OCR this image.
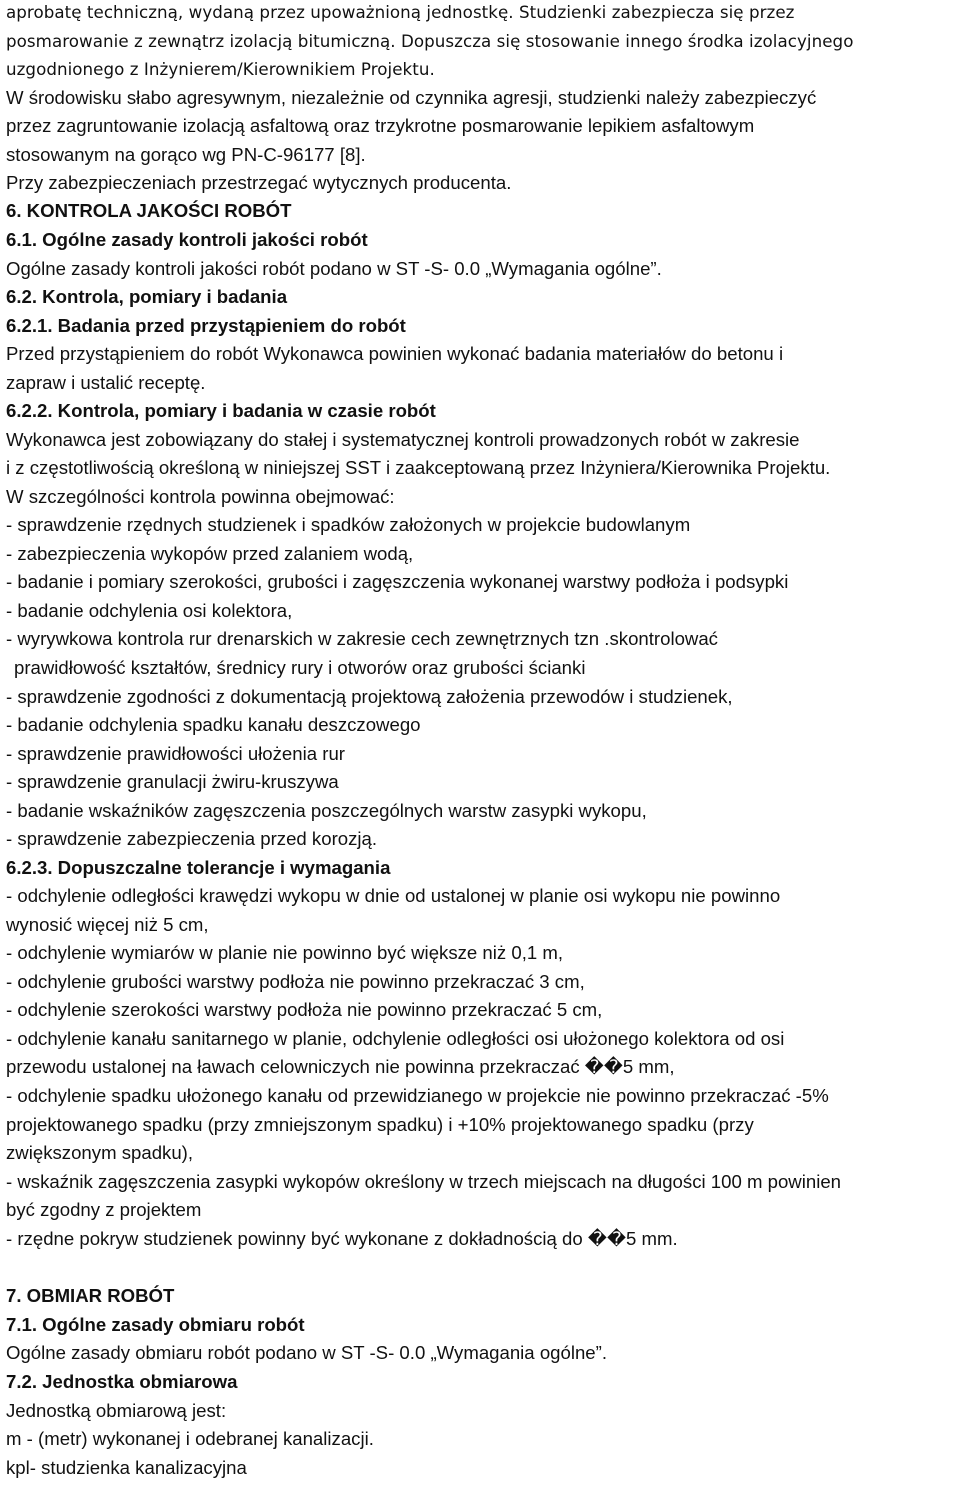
aprobatę techniczną, wydaną przez upoważnioną jednostkę. Studzienki zabezpiecza się przez
posmarowanie z zewnątrz izolacją bitumiczną. Dopuszcza się stosowanie innego środka izolacyjnego
uzgodnionego z Inżynierem/Kierownikiem Projektu.
W środowisku słabo agresywnym, niezależnie od czynnika agresji, studzienki należy zabezpieczyć
przez zagruntowanie izolacją asfaltową oraz trzykrotne posmarowanie lepikiem asfaltowym
stosowanym na gorąco wg PN-C-96177 [8].
Przy zabezpieczeniach przestrzegać wytycznych producenta.
6. KONTROLA JAKOŚCI ROBÓT
6.1. Ogólne zasady kontroli jakości robót
Ogólne zasady kontroli jakości robót podano w ST -S- 0.0 „Wymagania ogólne”.
6.2. Kontrola, pomiary i badania
6.2.1. Badania przed przystąpieniem do robót
Przed przystąpieniem do robót Wykonawca powinien wykonać badania materiałów do betonu i
zapraw i ustalić receptę.
6.2.2. Kontrola, pomiary i badania w czasie robót
Wykonawca jest zobowiązany do stałej i systematycznej kontroli prowadzonych robót w zakresie
i z częstotliwością określoną w niniejszej SST i zaakceptowaną przez Inżyniera/Kierownika Projektu.
W szczególności kontrola powinna obejmować:
- sprawdzenie rzędnych studzienek i spadków założonych w projekcie budowlanym
- zabezpieczenia wykopów przed zalaniem wodą,
- badanie i pomiary szerokości, grubości i zagęszczenia wykonanej warstwy podłoża i podsypki
- badanie odchylenia osi kolektora,
- wyrywkowa kontrola rur drenarskich w zakresie cech zewnętrznych tzn .skontrolować
prawidłowość kształtów, średnicy rury i otworów oraz grubości ścianki
- sprawdzenie zgodności z dokumentacją projektową założenia przewodów i studzienek,
- badanie odchylenia spadku kanału deszczowego
- sprawdzenie prawidłowości ułożenia rur
- sprawdzenie granulacji żwiru-kruszywa
- badanie wskaźników zagęszczenia poszczególnych warstw zasypki wykopu,
- sprawdzenie zabezpieczenia przed korozją.
6.2.3. Dopuszczalne tolerancje i wymagania
- odchylenie odległości krawędzi wykopu w dnie od ustalonej w planie osi wykopu nie powinno
wynosić więcej niż 5 cm,
- odchylenie wymiarów w planie nie powinno być większe niż 0,1 m,
- odchylenie grubości warstwy podłoża nie powinno przekraczać 3 cm,
- odchylenie szerokości warstwy podłoża nie powinno przekraczać 5 cm,
- odchylenie kanału sanitarnego w planie, odchylenie odległości osi ułożonego kolektora od osi
przewodu ustalonej na ławach celowniczych nie powinna przekraczać ��5 mm,
- odchylenie spadku ułożonego kanału od przewidzianego w projekcie nie powinno przekraczać -5%
projektowanego spadku (przy zmniejszonym spadku) i +10% projektowanego spadku (przy
zwiększonym spadku),
- wskaźnik zagęszczenia zasypki wykopów określony w trzech miejscach na długości 100 m powinien
być zgodny z projektem
- rzędne pokryw studzienek powinny być wykonane z dokładnością do ��5 mm.
7. OBMIAR ROBÓT
7.1. Ogólne zasady obmiaru robót
Ogólne zasady obmiaru robót podano w ST -S- 0.0 „Wymagania ogólne”.
7.2. Jednostka obmiarowa
Jednostką obmiarową jest:
m - (metr) wykonanej i odebranej kanalizacji.
kpl- studzienka kanalizacyjna
